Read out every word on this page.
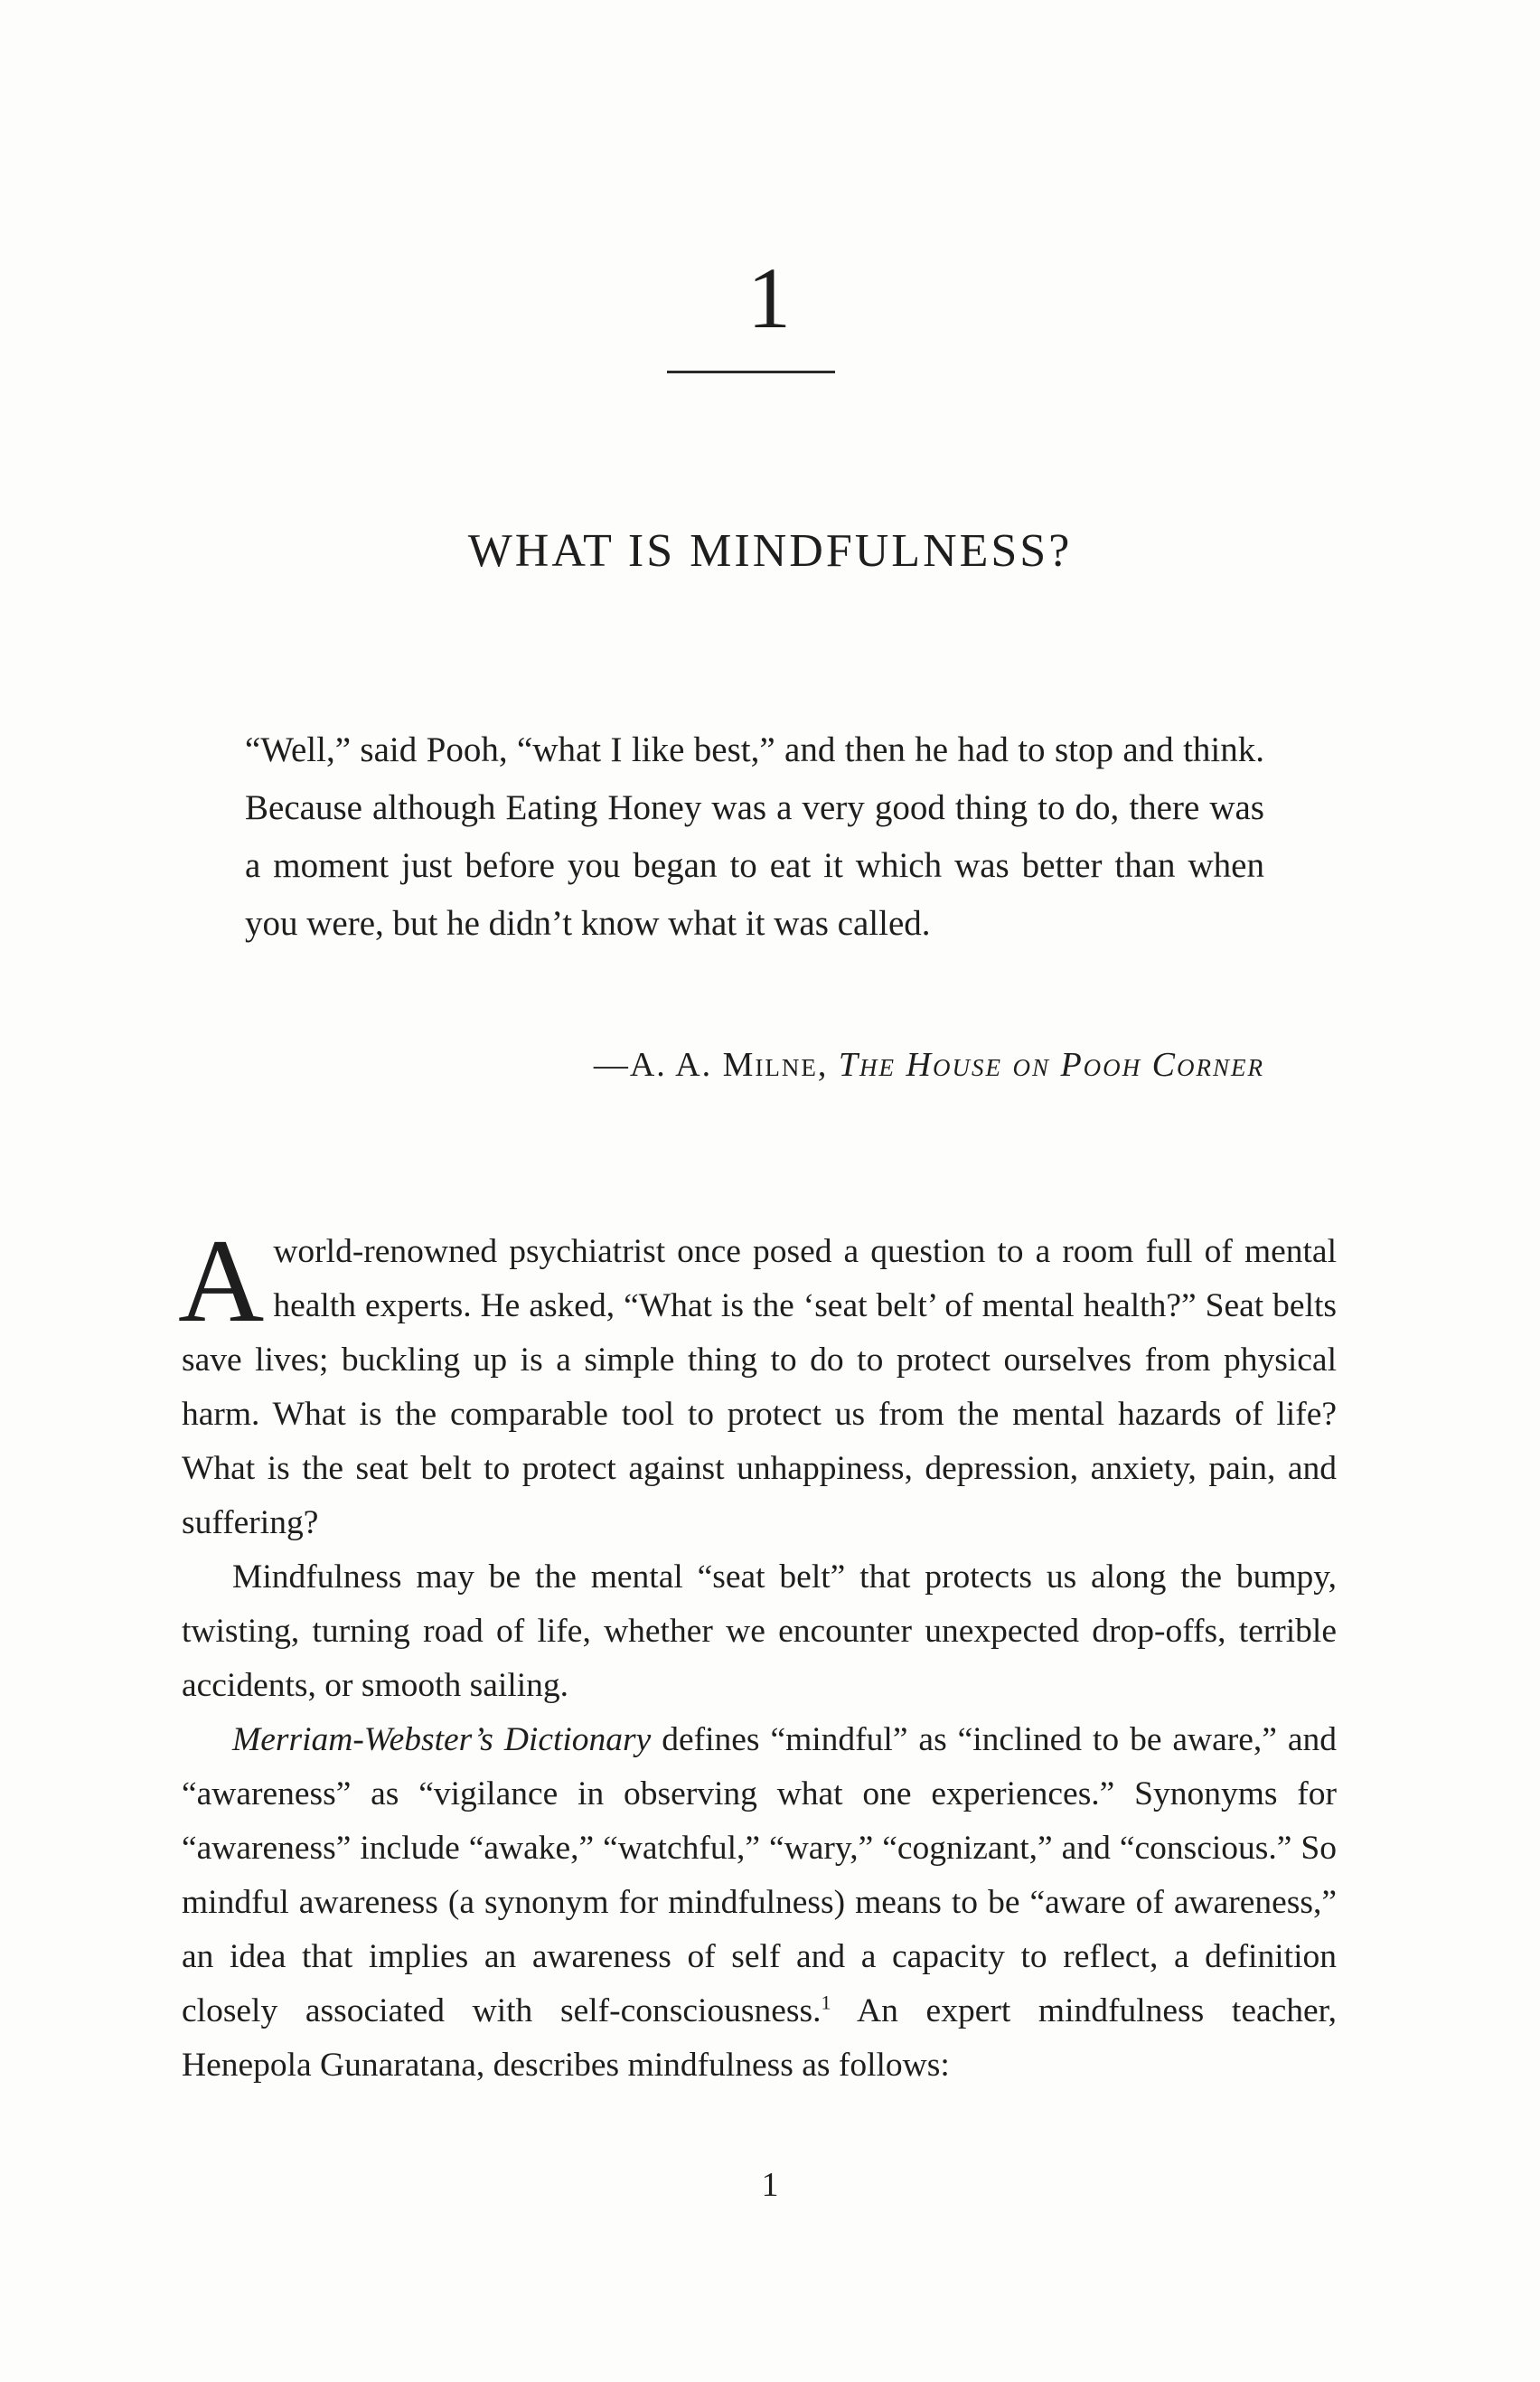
1
WHAT IS MINDFULNESS?

“Well,” said Pooh, “what I like best,” and then he had to stop and think. Because although Eating Honey was a very good thing to do, there was a moment just before you began to eat it which was better than when you were, but he didn’t know what it was called.

—A. A. Milne, The House on Pooh Corner

Aworld-renowned psychiatrist once posed a question to a room full of mental health experts. He asked, “What is the ‘seat belt’ of mental health?” Seat belts save lives; buckling up is a simple thing to do to protect ourselves from physical harm. What is the comparable tool to protect us from the mental hazards of life? What is the seat belt to protect against unhappiness, depression, anxiety, pain, and suffering?

Mindfulness may be the mental “seat belt” that protects us along the bumpy, twisting, turning road of life, whether we encounter unexpected drop-offs, terrible accidents, or smooth sailing.

Merriam-Webster’s Dictionary defines “mindful” as “inclined to be aware,” and “awareness” as “vigilance in observing what one experiences.” Synonyms for “awareness” include “awake,” “watchful,” “wary,” “cognizant,” and “conscious.” So mindful awareness (a synonym for mindfulness) means to be “aware of awareness,” an idea that implies an awareness of self and a capacity to reflect, a definition closely associated with self-consciousness.$^1$ An expert mindfulness teacher, Henepola Gunaratana, describes mindfulness as follows:

1
